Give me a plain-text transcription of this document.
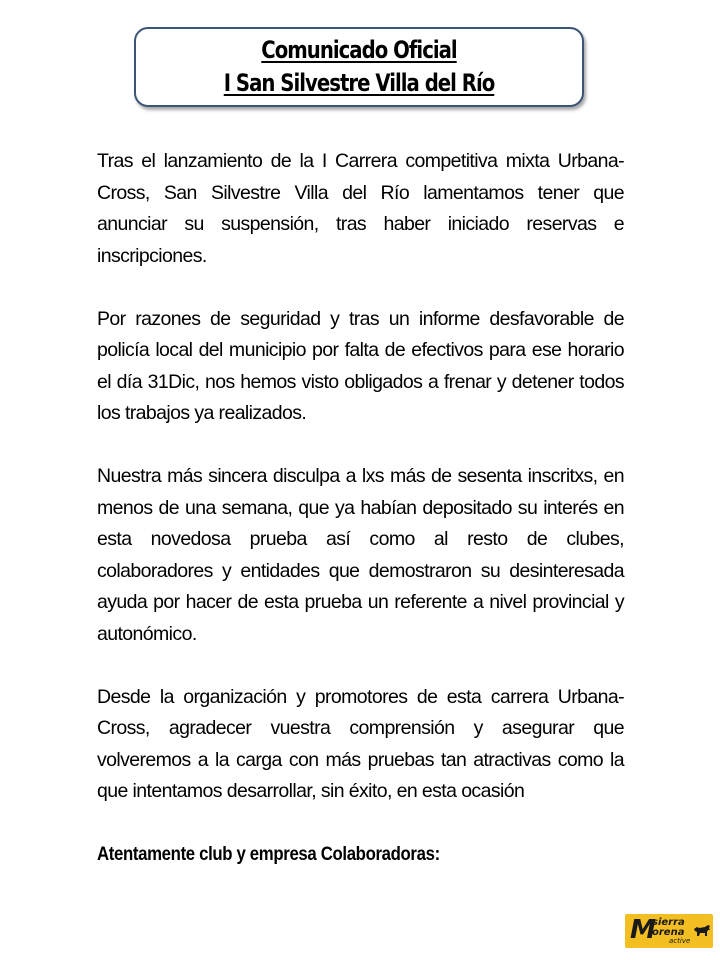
Comunicado Oficial
I San Silvestre Villa del Río

Tras el lanzamiento de la I Carrera competitiva mixta Urbana-Cross, San Silvestre Villa del Río lamentamos tener que anunciar su suspensión, tras haber iniciado reservas e inscripciones.

Por razones de seguridad y tras un informe desfavorable de policía local del municipio por falta de efectivos para ese horario el día 31Dic, nos hemos visto obligados a frenar y detener todos los trabajos ya realizados.

Nuestra más sincera disculpa a lxs más de sesenta inscritxs, en menos de una semana, que ya habían depositado su interés en esta novedosa prueba así como al resto de clubes, colaboradores y entidades que demostraron su desinteresada ayuda por hacer de esta prueba un referente a nivel provincial y autonómico.

Desde la organización y promotores de esta carrera Urbana-Cross, agradecer vuestra comprensión y asegurar que volveremos a la carga con más pruebas tan atractivas como la que intentamos desarrollar, sin éxito, en esta ocasión

Atentamente club y empresa Colaboradoras:

M
sierra
orena
active
